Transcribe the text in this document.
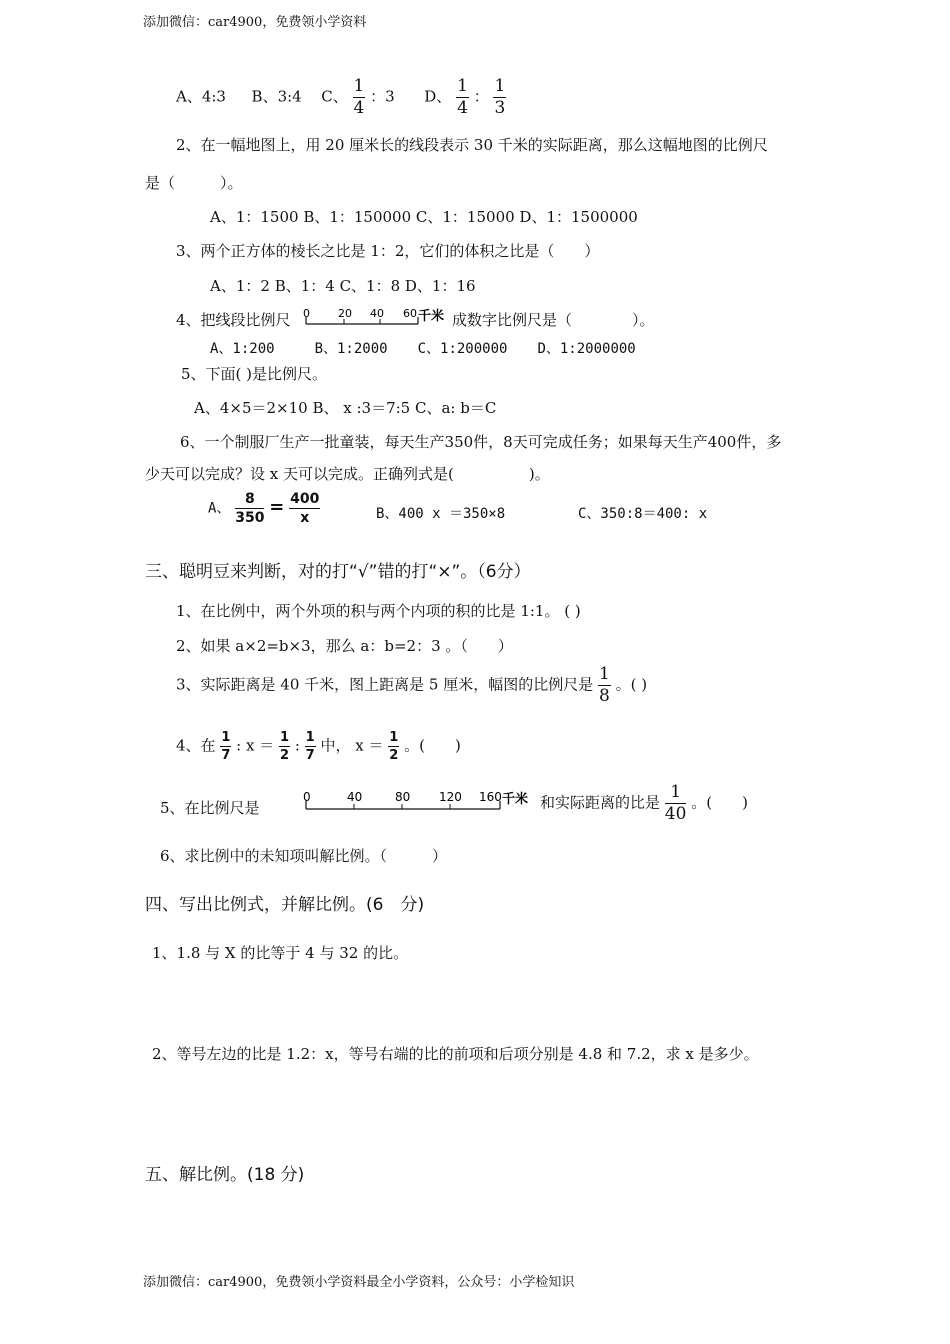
添加微信：car4900，免费领小学资料
A、4:3 B、3:4 C、 $\frac{1}{4}$ ：3 D、 $\frac{1}{4}$ ： $\frac{1}{3}$
2、在一幅地图上，用 20 厘米长的线段表示 30 千米的实际距离，那么这幅地图的比例尺
是（　　　）。
A、1：1500 B、1：150000 C、1：15000 D、1：1500000
3、两个正方体的棱长之比是 1：2，它们的体积之比是（　　）
A、1：2 B、1：4 C、1：8 D、1：16
4、把线段比例尺 0	20 40 60 千米 成数字比例尺是（　　　　）。
A、1:200	B、1:2000 C、1:200000 D、1:2000000
5、下面( )是比例尺。
A、4×5＝2×10 B、 x :3＝7:5 C、a: b＝C
6、一个制服厂生产一批童装，每天生产350件，8天可完成任务；如果每天生产400件，多
少天可以完成？设 x 天可以完成。正确列式是(　　　　　)。
A、 $\frac{8}{350} = \frac{400}{x}$	B、400 x ＝350×8	C、350:8＝400: x
三、聪明豆来判断，对的打“√”错的打“×”。（6分）
1、在比例中，两个外项的积与两个内项的积的比是 1:1。 ( )
2、如果 a×2=b×3，那么 a：b=2：3 。（　　）
3、实际距离是 40 千米，图上距离是 5 厘米，幅图的比例尺是 $\frac{1}{8}$ 。( )
4、在 $\frac{1}{7}$ : $x = \frac{1}{2}$ : $\frac{1}{7}$ 中， $x = \frac{1}{2}$ 。(　　)
5、在比例尺是
0	40	80 120 160 千米 和实际距离的比是 $\frac{1}{40}$ 。(　　)
6、求比例中的未知项叫解比例。（　　　）
四、写出比例式，并解比例。(6　分)
1、1.8 与 X 的比等于 4 与 32 的比。
2、等号左边的比是 1.2：x，等号右端的比的前项和后项分别是 4.8 和 7.2，求 x 是多少。
五、解比例。(18 分)
添加微信：car4900，免费领小学资料最全小学资料，公众号：小学检知识
